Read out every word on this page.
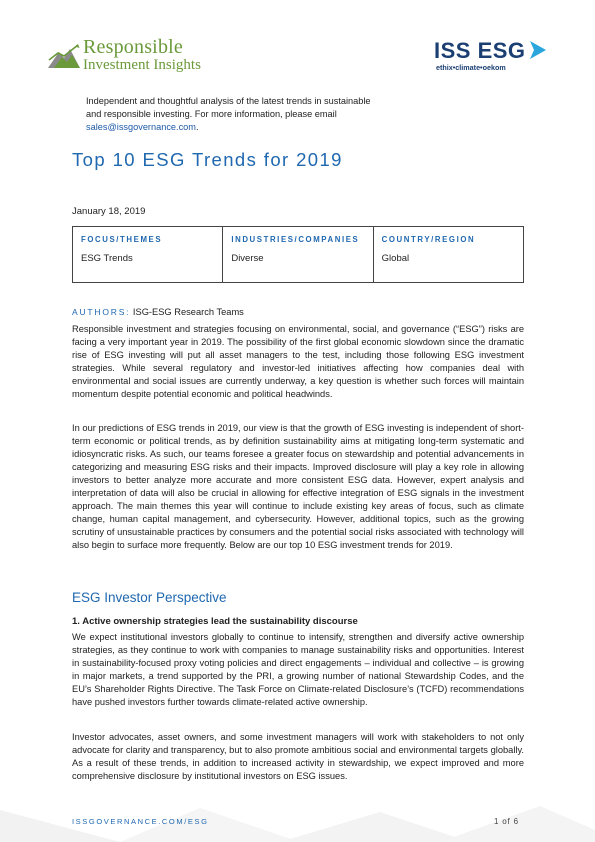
Responsible
Investment Insights
ISS ESG
ethix•climate•oekom
Independent and thoughtful analysis of the latest trends in sustainable and responsible investing. For more information, please email sales@issgovernance.com.
Top 10 ESG Trends for 2019
January 18, 2019
FOCUS/THEMES
ESG Trends
INDUSTRIES/COMPANIES
Diverse
COUNTRY/REGION
Global
AUTHORS: ISG-ESG Research Teams

Responsible investment and strategies focusing on environmental, social, and governance (“ESG”) risks are facing a very important year in 2019. The possibility of the first global economic slowdown since the dramatic rise of ESG investing will put all asset managers to the test, including those following ESG investment strategies. While several regulatory and investor-led initiatives affecting how companies deal with environmental and social issues are currently underway, a key question is whether such forces will maintain momentum despite potential economic and political headwinds.

In our predictions of ESG trends in 2019, our view is that the growth of ESG investing is independent of short-term economic or political trends, as by definition sustainability aims at mitigating long-term systematic and idiosyncratic risks. As such, our teams foresee a greater focus on stewardship and potential advancements in categorizing and measuring ESG risks and their impacts. Improved disclosure will play a key role in allowing investors to better analyze more accurate and more consistent ESG data. However, expert analysis and interpretation of data will also be crucial in allowing for effective integration of ESG signals in the investment approach. The main themes this year will continue to include existing key areas of focus, such as climate change, human capital management, and cybersecurity. However, additional topics, such as the growing scrutiny of unsustainable practices by consumers and the potential social risks associated with technology will also begin to surface more frequently. Below are our top 10 ESG investment trends for 2019.

ESG Investor Perspective
1. Active ownership strategies lead the sustainability discourse

We expect institutional investors globally to continue to intensify, strengthen and diversify active ownership strategies, as they continue to work with companies to manage sustainability risks and opportunities. Interest in sustainability-focused proxy voting policies and direct engagements – individual and collective – is growing in major markets, a trend supported by the PRI, a growing number of national Stewardship Codes, and the EU’s Shareholder Rights Directive. The Task Force on Climate-related Disclosure’s (TCFD) recommendations have pushed investors further towards climate-related active ownership.

Investor advocates, asset owners, and some investment managers will work with stakeholders to not only advocate for clarity and transparency, but to also promote ambitious social and environmental targets globally. As a result of these trends, in addition to increased activity in stewardship, we expect improved and more comprehensive disclosure by institutional investors on ESG issues.

ISSGOVERNANCE.COM/ESG	1 of 6
